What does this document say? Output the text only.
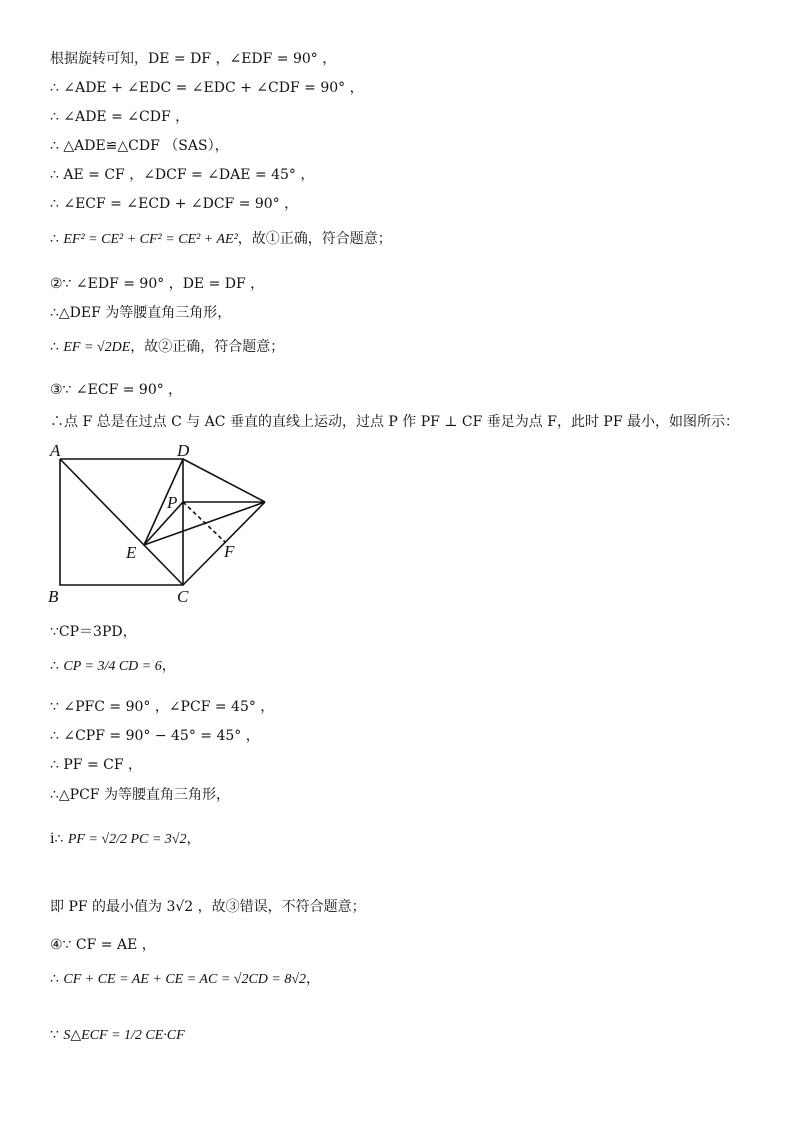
根据旋转可知，DE = DF ，∠EDF = 90° ，
∴ ∠ADE + ∠EDC = ∠EDC + ∠CDF = 90° ，
∴ ∠ADE = ∠CDF ，
∴ △ADE≌△CDF （SAS），
∴ AE = CF ，∠DCF = ∠DAE = 45° ，
∴ ∠ECF = ∠ECD + ∠DCF = 90° ，
∴ EF² = CE² + CF² = CE² + AE²，故①正确，符合题意；
②∵ ∠EDF = 90° ，DE = DF ，
∴△DEF 为等腰直角三角形，
∴ EF = √2DE，故②正确，符合题意；
③∵ ∠ECF = 90° ，
∴点 F 总是在过点 C 与 AC 垂直的直线上运动，过点 P 作 PF ⊥ CF 垂足为点 F，此时 PF 最小，如图所示：
A	D
P
E	F
B	C
∵CP＝3PD，
∴ CP = 3/4 CD = 6，
∵ ∠PFC = 90° ，∠PCF = 45° ，
∴ ∠CPF = 90° − 45° = 45° ，
∴ PF = CF ，
∴△PCF 为等腰直角三角形，
i∴ PF = √2/2 PC = 3√2，
即 PF 的最小值为 3√2 ，故③错误，不符合题意；
④∵ CF = AE ，
∴ CF + CE = AE + CE = AC = √2CD = 8√2，
∵ S△ECF = 1/2 CE·CF
